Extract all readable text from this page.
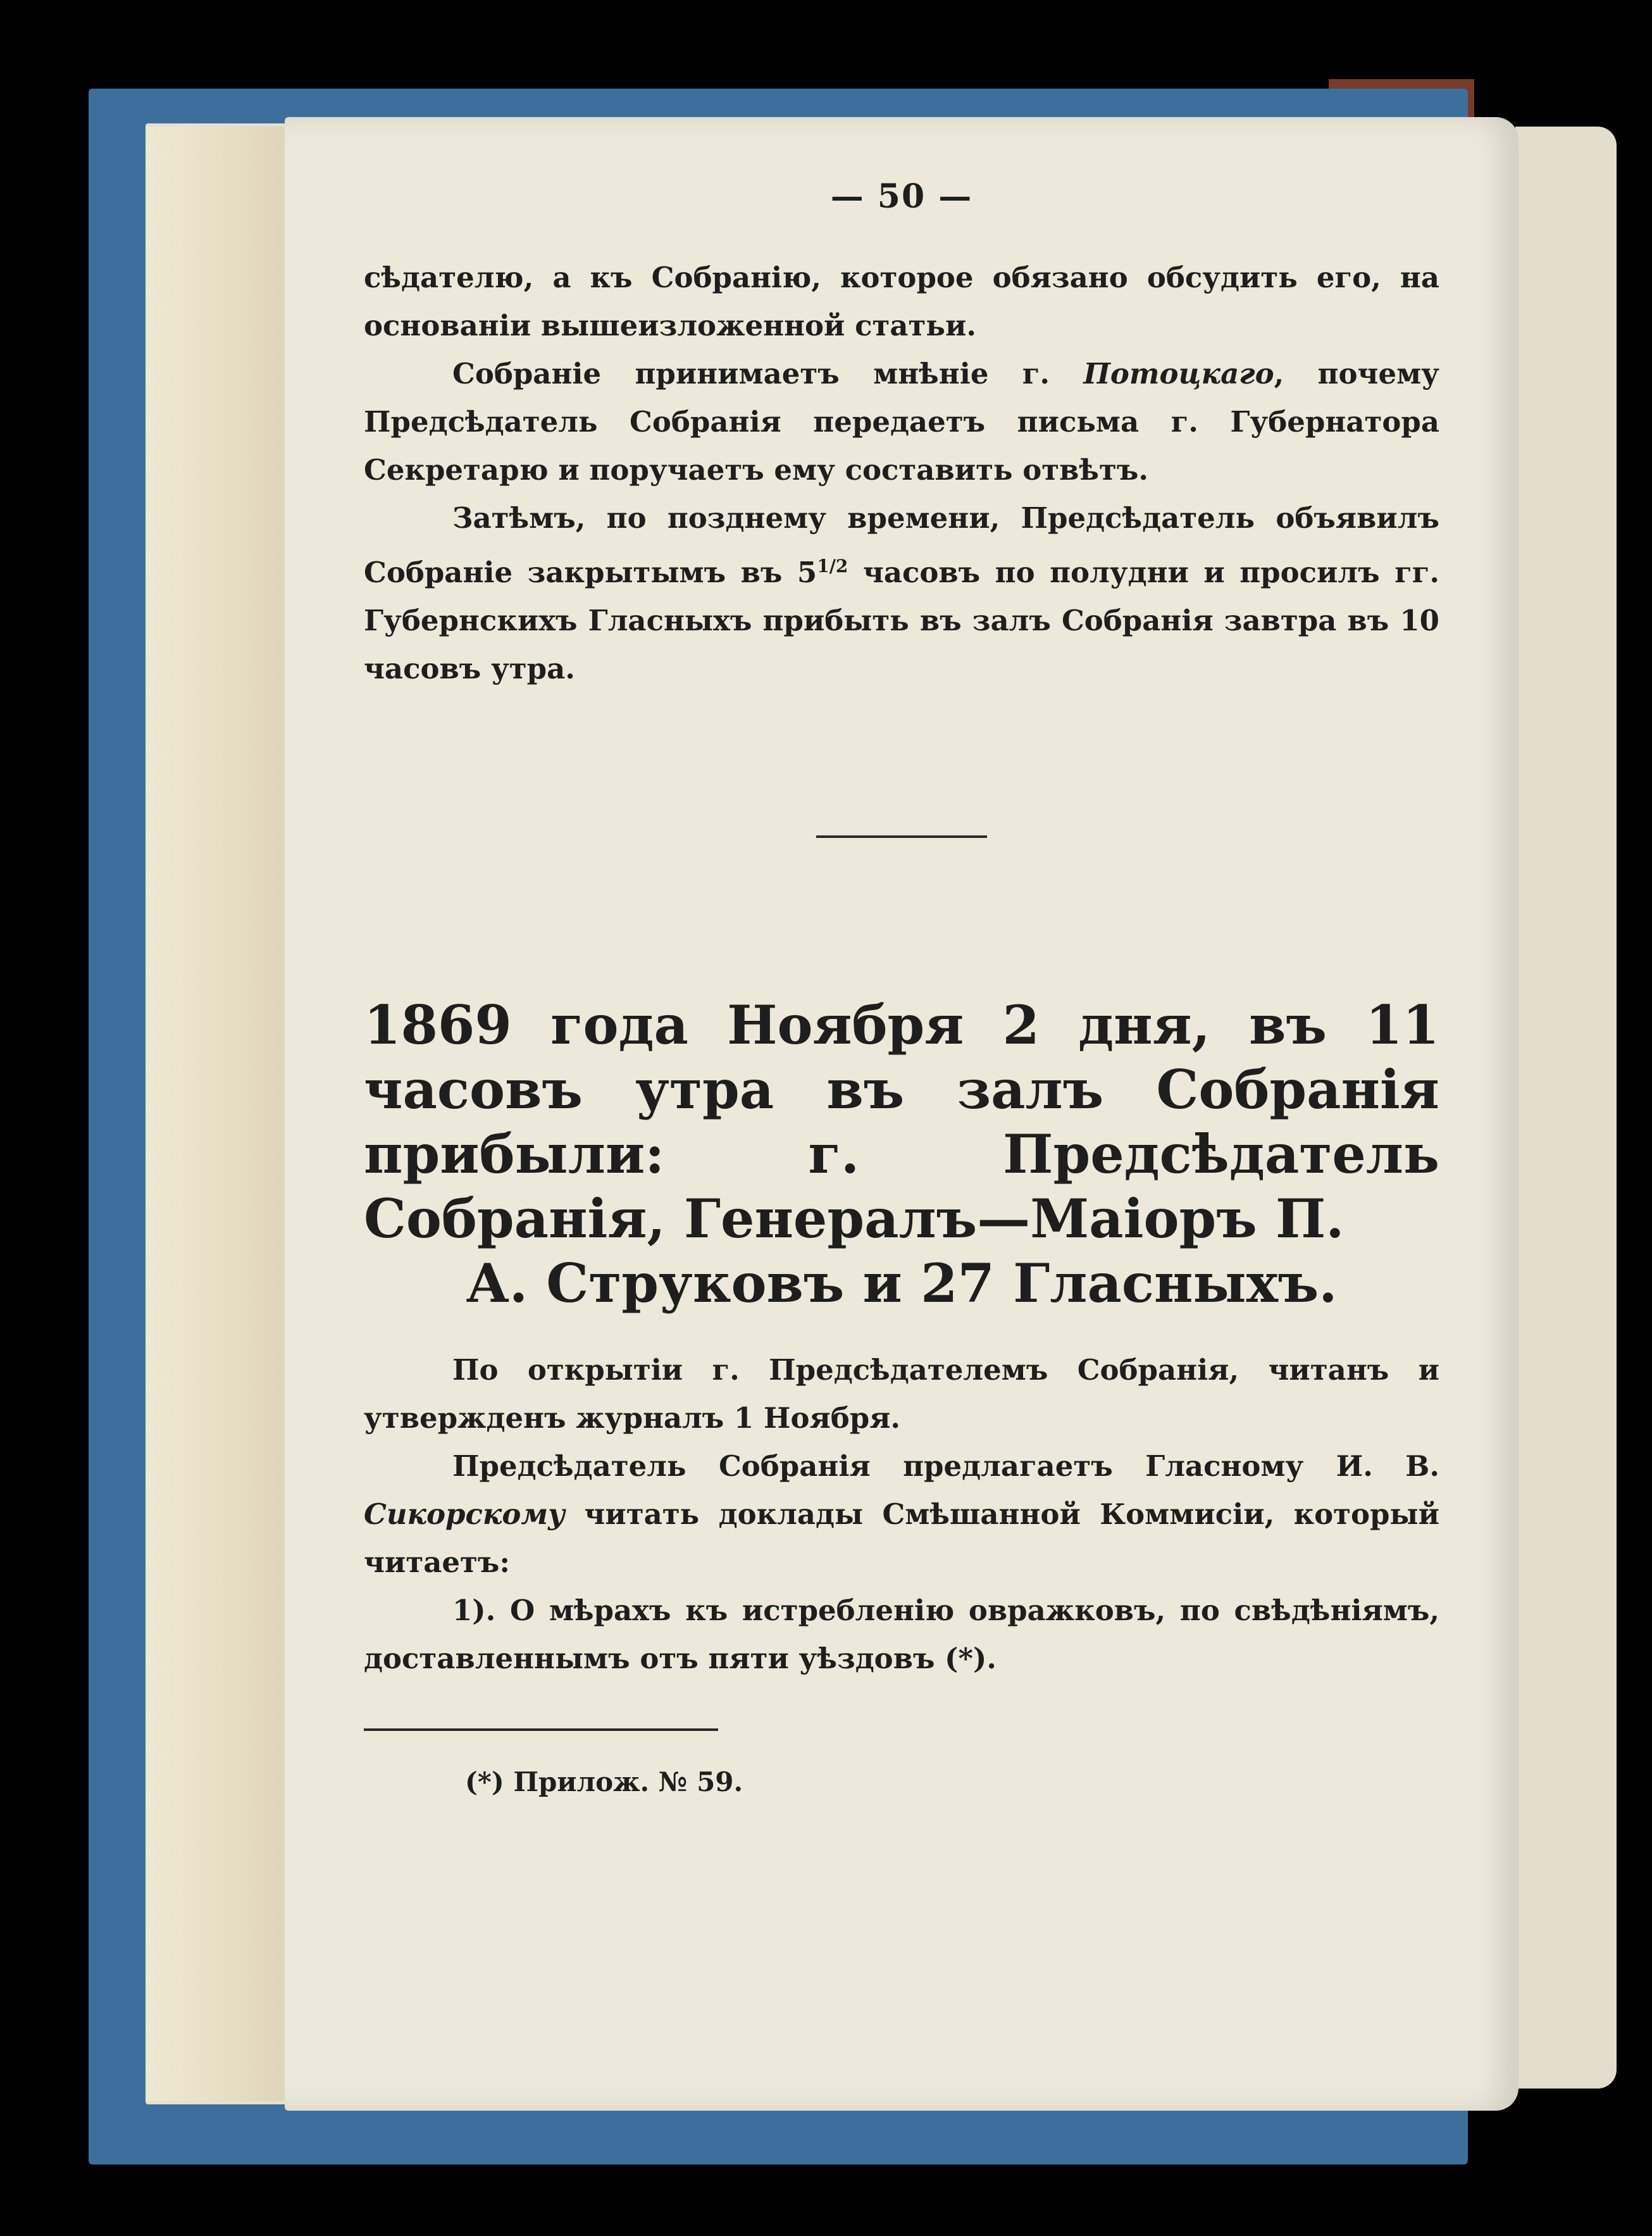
— 50 —

сѣдателю, а къ Собранію, которое обязано обсудить его, на основаніи вышеизложенной статьи.

Собраніе принимаетъ мнѣніе г. Потоцкаго, почему Предсѣдатель Собранія передаетъ письма г. Губернатора Секретарю и поручаетъ ему составить отвѣтъ.

Затѣмъ, по позднему времени, Предсѣдатель объявилъ Собраніе закрытымъ въ $5^{1/2}$ часовъ по полудни и просилъ гг. Губернскихъ Гласныхъ прибыть въ залъ Собранія завтра въ 10 часовъ утра.

1869 года Ноября 2 дня, въ 11 часовъ утра въ залъ Собранія прибыли: г. Предсѣдатель Собранія, Генералъ—Маіоръ П.
А. Струковъ и 27 Гласныхъ.

По открытіи г. Предсѣдателемъ Собранія, читанъ и утвержденъ журналъ 1 Ноября.

Предсѣдатель Собранія предлагаетъ Гласному И. В. Сикорскому читать доклады Смѣшанной Коммисіи, который читаетъ:

1). О мѣрахъ къ истребленію овражковъ, по свѣдѣніямъ, доставленнымъ отъ пяти уѣздовъ (*).

(*) Прилож. № 59.
